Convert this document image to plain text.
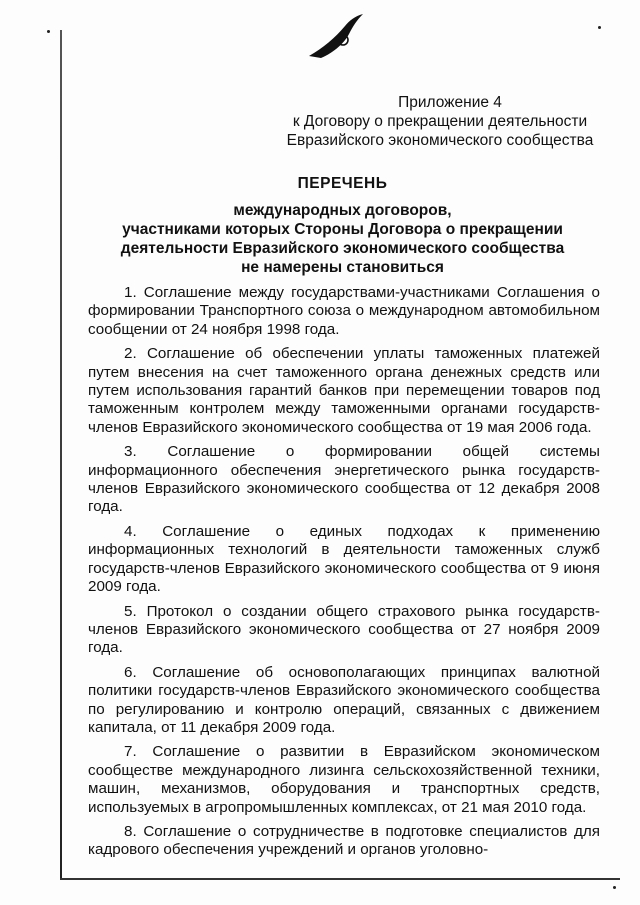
Приложение 4
к Договору о прекращении деятельности
Евразийского экономического сообщества
ПЕРЕЧЕНЬ
международных договоров,
участниками которых Стороны Договора о прекращении
деятельности Евразийского экономического сообщества
не намерены становиться

1. Соглашение между государствами-участниками Соглашения о формировании Транспортного союза о международном автомобильном сообщении от 24 ноября 1998 года.

2. Соглашение об обеспечении уплаты таможенных платежей путем внесения на счет таможенного органа денежных средств или путем использования гарантий банков при перемещении товаров под таможенным контролем между таможенными органами государств-членов Евразийского экономического сообщества от 19 мая 2006 года.

3. Соглашение о формировании общей системы информационного обеспечения энергетического рынка государств-членов Евразийского экономического сообщества от 12 декабря 2008 года.

4. Соглашение о единых подходах к применению информационных технологий в деятельности таможенных служб государств-членов Евразийского экономического сообщества от 9 июня 2009 года.

5. Протокол о создании общего страхового рынка государств-членов Евразийского экономического сообщества от 27 ноября 2009 года.

6. Соглашение об основополагающих принципах валютной политики государств-членов Евразийского экономического сообщества по регулированию и контролю операций, связанных с движением капитала, от 11 декабря 2009 года.

7. Соглашение о развитии в Евразийском экономическом сообществе международного лизинга сельскохозяйственной техники, машин, механизмов, оборудования и транспортных средств, используемых в агропромышленных комплексах, от 21 мая 2010 года.

8. Соглашение о сотрудничестве в подготовке специалистов для кадрового обеспечения учреждений и органов уголовно-
